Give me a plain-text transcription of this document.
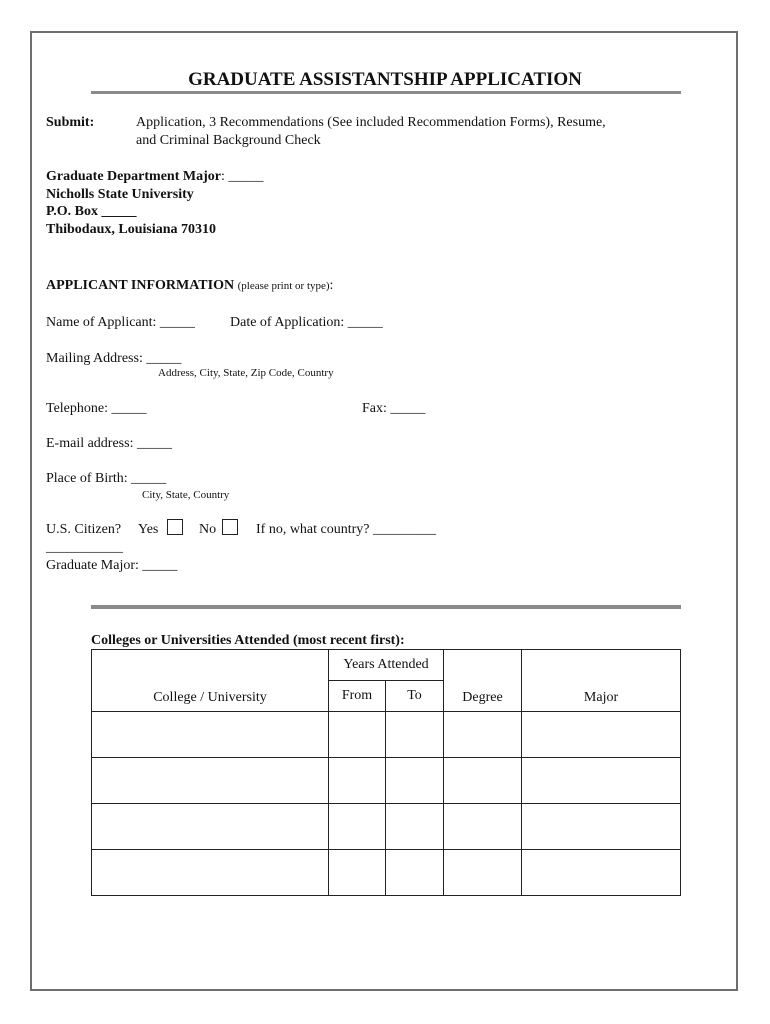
GRADUATE ASSISTANTSHIP APPLICATION
Submit:	Application, 3 Recommendations (See included Recommendation Forms), Resume,
and Criminal Background Check
Graduate Department Major: _____
Nicholls State University
P.O. Box _____
Thibodaux, Louisiana 70310
APPLICANT INFORMATION (please print or type):
Name of Applicant: _____	Date of Application: _____
Mailing Address: _____
Address, City, State, Zip Code, Country
Telephone: _____	Fax: _____
E-mail address: _____
Place of Birth: _____
City, State, Country
U.S. Citizen? Yes	No	If no, what country? _________
___________
Graduate Major: _____
Colleges or Universities Attended (most recent first):
College / University	Years Attended		Degree	Major
	From	To		
